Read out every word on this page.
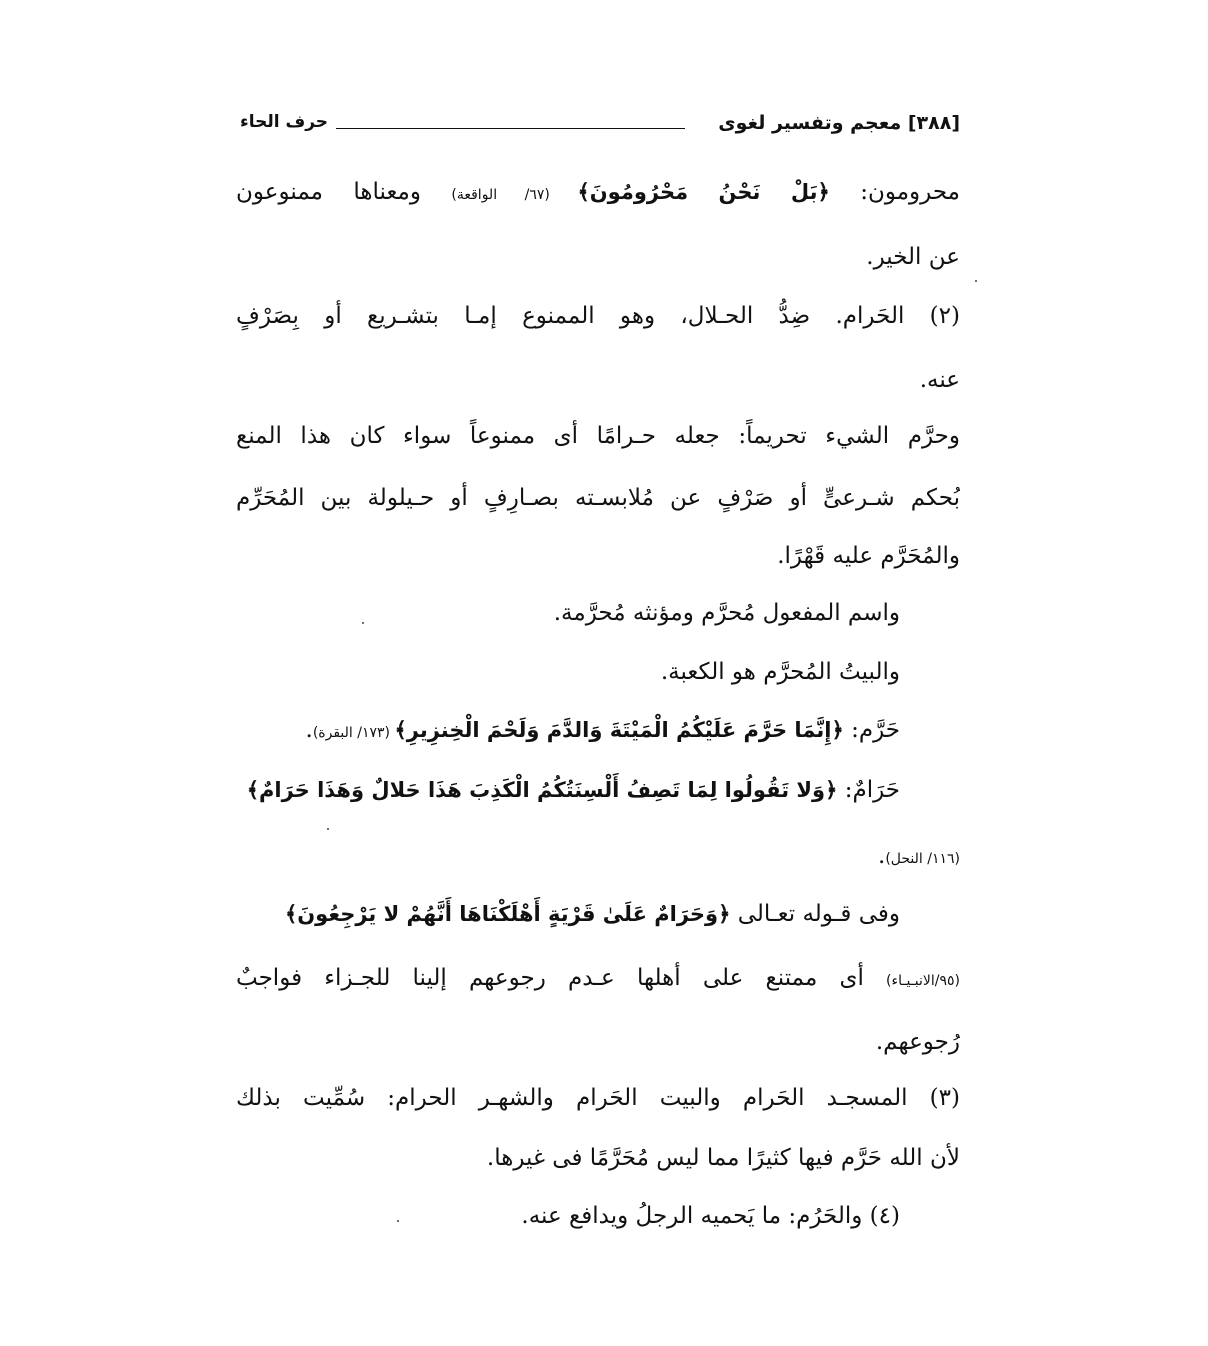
[٣٨٨] معجم وتفسير لغوى
حرف الحاء
محرومون: ﴿بَلْ نَحْنُ مَحْرُومُونَ﴾ (٦٧/ الواقعة) ومعناها ممنوعون
عن الخير.
(٢) الحَرام. ضِدُّ الحـلال، وهو الممنوع إمـا بتشـريع أو بِصَرْفٍ
عنه.
وحرَّم الشيء تحريماً: جعله حـرامًا أى ممنوعاً سواء كان هذا المنع
بُحكم شـرعىٍّ أو صَرْفٍ عن مُلابسـته بصـارِفٍ أو حـيلولة بين المُحَرِّم
والمُحَرَّم عليه قَهْرًا.
واسم المفعول مُحرَّم ومؤنثه مُحرَّمة.
والبيتُ المُحرَّم هو الكعبة.
حَرَّم: ﴿إِنَّمَا حَرَّمَ عَلَيْكُمُ الْمَيْتَةَ وَالدَّمَ وَلَحْمَ الْخِنزِيرِ﴾ (١٧٣/ البقرة).
حَرَامٌ: ﴿وَلا تَقُولُوا لِمَا تَصِفُ أَلْسِنَتُكُمُ الْكَذِبَ هَذَا حَلالٌ وَهَذَا حَرَامٌ﴾
(١١٦/ النحل).
وفى قـوله تعـالى ﴿وَحَرَامٌ عَلَىٰ قَرْيَةٍ أَهْلَكْنَاهَا أَنَّهُمْ لا يَرْجِعُونَ﴾
(٩٥/الانبـيـاء) أى ممتنع على أهلها عـدم رجوعهم إلينا للجـزاء فواجبٌ
رُجوعهم.
(٣) المسجـد الحَرام والبيت الحَرام والشهـر الحرام: سُمِّيت بذلك
لأن الله حَرَّم فيها كثيرًا مما ليس مُحَرَّمًا فى غيرها.
(٤) والحَرُم: ما يَحميه الرجلُ ويدافع عنه.
